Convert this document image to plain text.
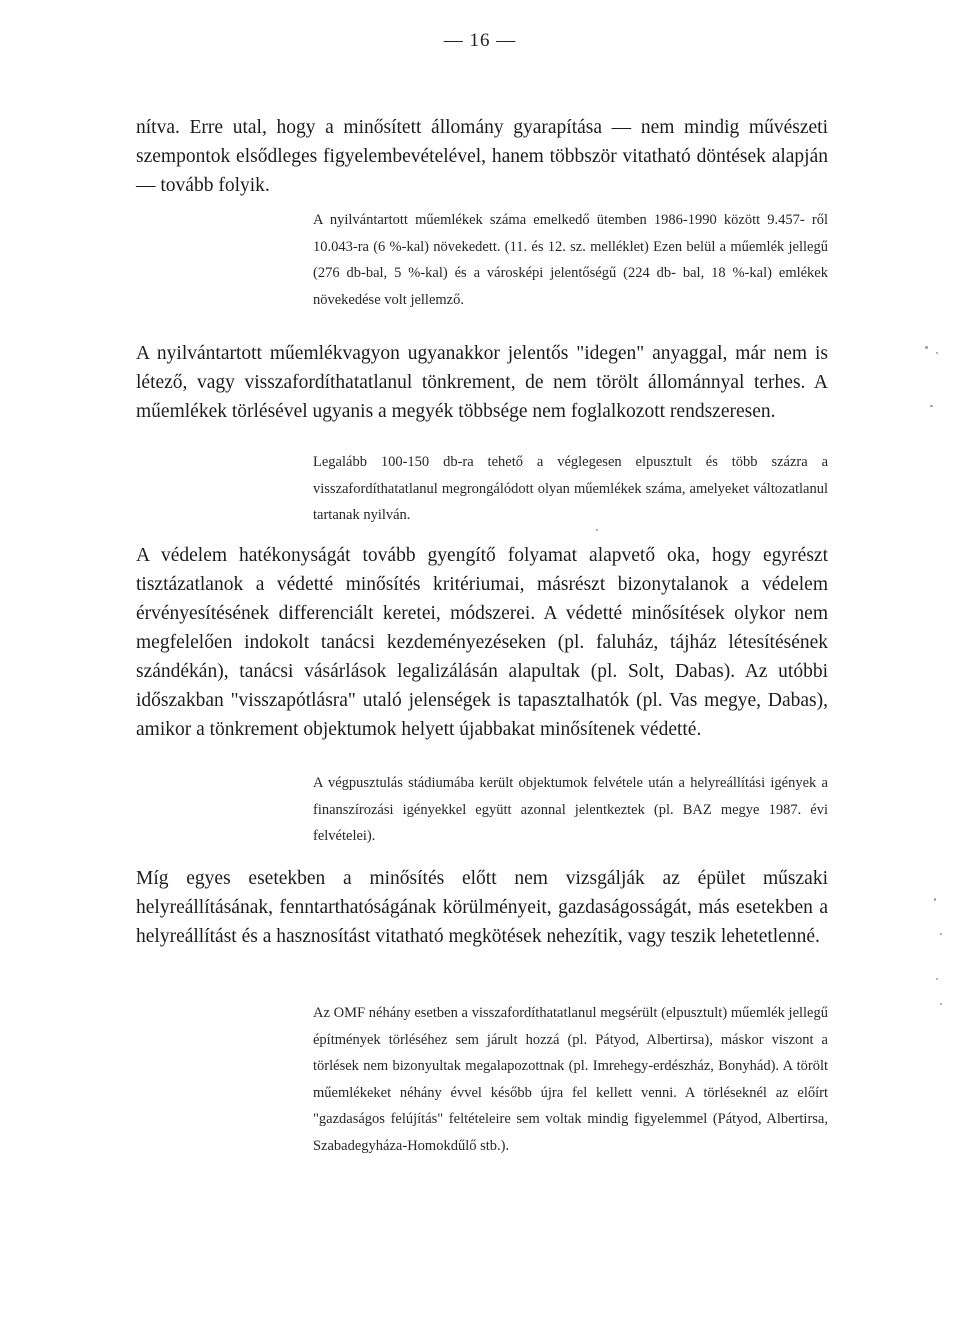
— 16 —

nítva. Erre utal, hogy a minősített állomány gyarapítása — nem mindig művészeti szempontok elsődleges figyelembevételével, hanem többször vitatható döntések alapján — tovább folyik.

A nyilvántartott műemlékek száma emelkedő ütemben 1986-1990 között 9.457- ről 10.043-ra (6 %-kal) növekedett. (11. és 12. sz. melléklet) Ezen belül a műemlék jellegű (276 db-bal, 5 %-kal) és a városképi jelentőségű (224 db- bal, 18 %-kal) emlékek növekedése volt jellemző.

A nyilvántartott műemlékvagyon ugyanakkor jelentős "idegen" anyaggal, már nem is létező, vagy visszafordíthatatlanul tönkrement, de nem törölt állománnyal terhes. A műemlékek törlésével ugyanis a megyék többsége nem foglalkozott rendszeresen.

Legalább 100-150 db-ra tehető a véglegesen elpusztult és több százra a visszafordíthatatlanul megrongálódott olyan műemlékek száma, amelyeket változatlanul tartanak nyilván.

A védelem hatékonyságát tovább gyengítő folyamat alapvető oka, hogy egyrészt tisztázatlanok a védetté minősítés kritériumai, másrészt bizonytalanok a védelem érvényesítésének differenciált keretei, módszerei. A védetté minősítések olykor nem megfelelően indokolt tanácsi kezdeményezéseken (pl. faluház, tájház létesítésének szándékán), tanácsi vásárlások legalizálásán alapultak (pl. Solt, Dabas). Az utóbbi időszakban "visszapótlásra" utaló jelenségek is tapasztalhatók (pl. Vas megye, Dabas), amikor a tönkrement objektumok helyett újabbakat minősítenek védetté.

A végpusztulás stádiumába került objektumok felvétele után a helyreállítási igények a finanszírozási igényekkel együtt azonnal jelentkeztek (pl. BAZ megye 1987. évi felvételei).

Míg egyes esetekben a minősítés előtt nem vizsgálják az épület műszaki helyreállításának, fenntarthatóságának körülményeit, gazdaságosságát, más esetekben a helyreállítást és a hasznosítást vitatható megkötések nehezítik, vagy teszik lehetetlenné.

Az OMF néhány esetben a visszafordíthatatlanul megsérült (elpusztult) műemlék jellegű építmények törléséhez sem járult hozzá (pl. Pátyod, Albertirsa), máskor viszont a törlések nem bizonyultak megalapozottnak (pl. Imrehegy-erdészház, Bonyhád). A törölt műemlékeket néhány évvel később újra fel kellett venni. A törléseknél az előírt "gazdaságos felújítás" feltételeire sem voltak mindig figyelemmel (Pátyod, Albertirsa, Szabadegyháza-Homokdűlő stb.).
